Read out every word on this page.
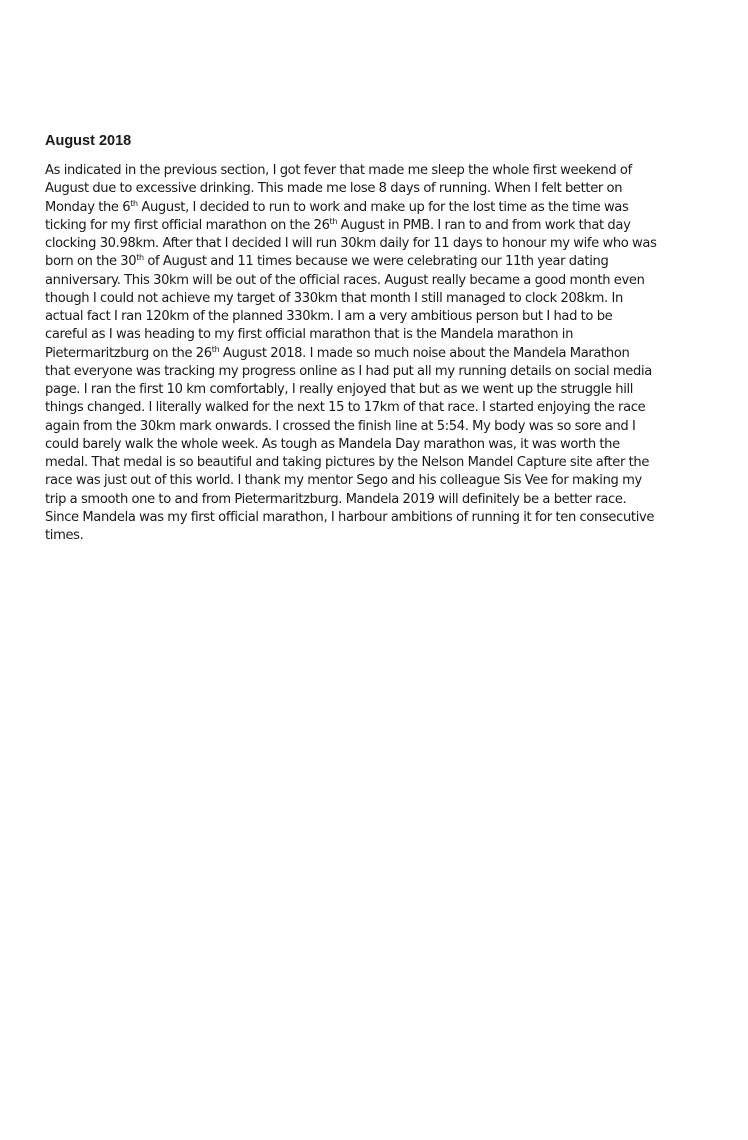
August 2018
As indicated in the previous section, I got fever that made me sleep the whole first weekend of
August due to excessive drinking. This made me lose 8 days of running. When I felt better on
Monday the 6th August, I decided to run to work and make up for the lost time as the time was
ticking for my first official marathon on the 26th August in PMB. I ran to and from work that day
clocking 30.98km. After that I decided I will run 30km daily for 11 days to honour my wife who was
born on the 30th of August and 11 times because we were celebrating our 11th year dating
anniversary. This 30km will be out of the official races. August really became a good month even
though I could not achieve my target of 330km that month I still managed to clock 208km. In
actual fact I ran 120km of the planned 330km. I am a very ambitious person but I had to be
careful as I was heading to my first official marathon that is the Mandela marathon in
Pietermaritzburg on the 26th August 2018. I made so much noise about the Mandela Marathon
that everyone was tracking my progress online as I had put all my running details on social media
page. I ran the first 10 km comfortably, I really enjoyed that but as we went up the struggle hill
things changed. I literally walked for the next 15 to 17km of that race. I started enjoying the race
again from the 30km mark onwards. I crossed the finish line at 5:54. My body was so sore and I
could barely walk the whole week. As tough as Mandela Day marathon was, it was worth the
medal. That medal is so beautiful and taking pictures by the Nelson Mandel Capture site after the
race was just out of this world. I thank my mentor Sego and his colleague Sis Vee for making my
trip a smooth one to and from Pietermaritzburg. Mandela 2019 will definitely be a better race.
Since Mandela was my first official marathon, I harbour ambitions of running it for ten consecutive
times.
